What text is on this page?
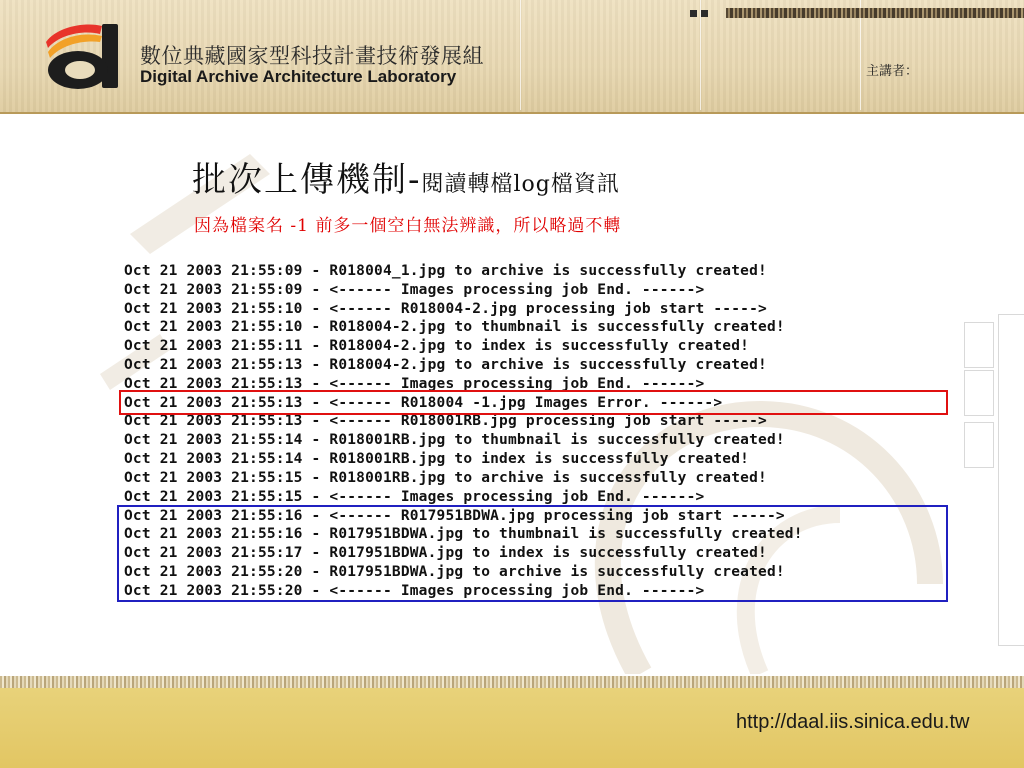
數位典藏國家型科技計畫技術發展組
Digital Archive Architecture Laboratory	主講者：
批次上傳機制-閱讀轉檔log檔資訊
因為檔案名 -1 前多一個空白無法辨識，所以略過不轉
Oct 21 2003 21:55:09 - R018004_1.jpg to archive is successfully created!
Oct 21 2003 21:55:09 - <------ Images processing job End. ------>
Oct 21 2003 21:55:10 - <------ R018004-2.jpg processing job start ----->
Oct 21 2003 21:55:10 - R018004-2.jpg to thumbnail is successfully created!
Oct 21 2003 21:55:11 - R018004-2.jpg to index is successfully created!
Oct 21 2003 21:55:13 - R018004-2.jpg to archive is successfully created!
Oct 21 2003 21:55:13 - <------ Images processing job End. ------>
Oct 21 2003 21:55:13 - <------ R018004 -1.jpg Images Error. ------>
Oct 21 2003 21:55:13 - <------ R018001RB.jpg processing job start ----->
Oct 21 2003 21:55:14 - R018001RB.jpg to thumbnail is successfully created!
Oct 21 2003 21:55:14 - R018001RB.jpg to index is successfully created!
Oct 21 2003 21:55:15 - R018001RB.jpg to archive is successfully created!
Oct 21 2003 21:55:15 - <------ Images processing job End. ------>
Oct 21 2003 21:55:16 - <------ R017951BDWA.jpg processing job start ----->
Oct 21 2003 21:55:16 - R017951BDWA.jpg to thumbnail is successfully created!
Oct 21 2003 21:55:17 - R017951BDWA.jpg to index is successfully created!
Oct 21 2003 21:55:20 - R017951BDWA.jpg to archive is successfully created!
Oct 21 2003 21:55:20 - <------ Images processing job End. ------>
http://daal.iis.sinica.edu.tw
